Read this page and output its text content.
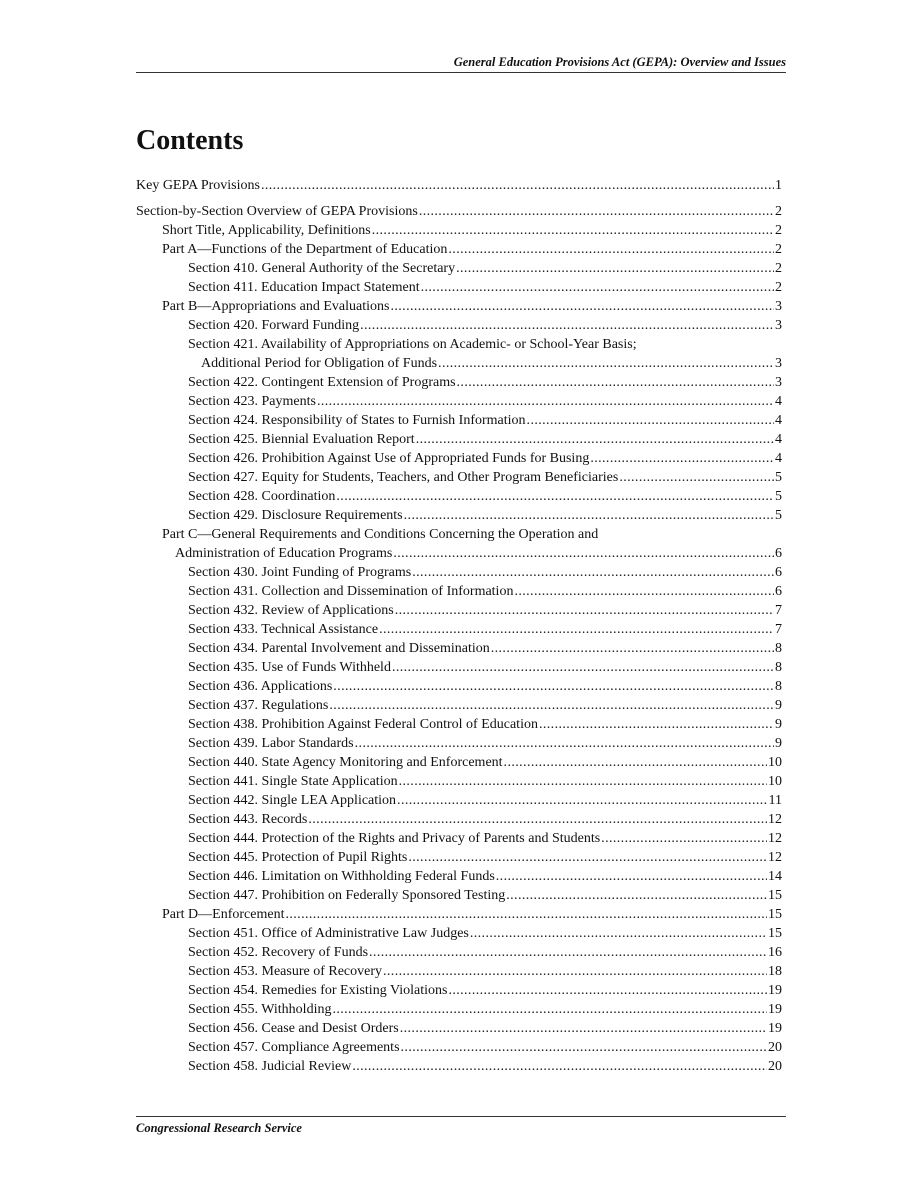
General Education Provisions Act (GEPA): Overview and Issues
Contents
Key GEPA Provisions .....	1
Section-by-Section Overview of GEPA Provisions .....	2
Short Title, Applicability, Definitions .....	2
Part A—Functions of the Department of Education .....	2
Section 410. General Authority of the Secretary .....	2
Section 411. Education Impact Statement .....	2
Part B—Appropriations and Evaluations .....	3
Section 420. Forward Funding .....	3
Section 421. Availability of Appropriations on Academic- or School-Year Basis;
Additional Period for Obligation of Funds .....	3
Section 422. Contingent Extension of Programs .....	3
Section 423. Payments .....	4
Section 424. Responsibility of States to Furnish Information .....	4
Section 425. Biennial Evaluation Report .....	4
Section 426. Prohibition Against Use of Appropriated Funds for Busing .....	4
Section 427. Equity for Students, Teachers, and Other Program Beneficiaries .....	5
Section 428. Coordination .....	5
Section 429. Disclosure Requirements .....	5
Part C—General Requirements and Conditions Concerning the Operation and
Administration of Education Programs .....	6
Section 430. Joint Funding of Programs .....	6
Section 431. Collection and Dissemination of Information .....	6
Section 432. Review of Applications .....	7
Section 433. Technical Assistance .....	7
Section 434. Parental Involvement and Dissemination .....	8
Section 435. Use of Funds Withheld .....	8
Section 436. Applications .....	8
Section 437. Regulations .....	9
Section 438. Prohibition Against Federal Control of Education .....	9
Section 439. Labor Standards .....	9
Section 440. State Agency Monitoring and Enforcement .....	10
Section 441. Single State Application .....	10
Section 442. Single LEA Application .....	11
Section 443. Records .....	12
Section 444. Protection of the Rights and Privacy of Parents and Students .....	12
Section 445. Protection of Pupil Rights .....	12
Section 446. Limitation on Withholding Federal Funds .....	14
Section 447. Prohibition on Federally Sponsored Testing .....	15
Part D—Enforcement .....	15
Section 451. Office of Administrative Law Judges .....	15
Section 452. Recovery of Funds .....	16
Section 453. Measure of Recovery .....	18
Section 454. Remedies for Existing Violations .....	19
Section 455. Withholding .....	19
Section 456. Cease and Desist Orders .....	19
Section 457. Compliance Agreements .....	20
Section 458. Judicial Review .....	20
Congressional Research Service
